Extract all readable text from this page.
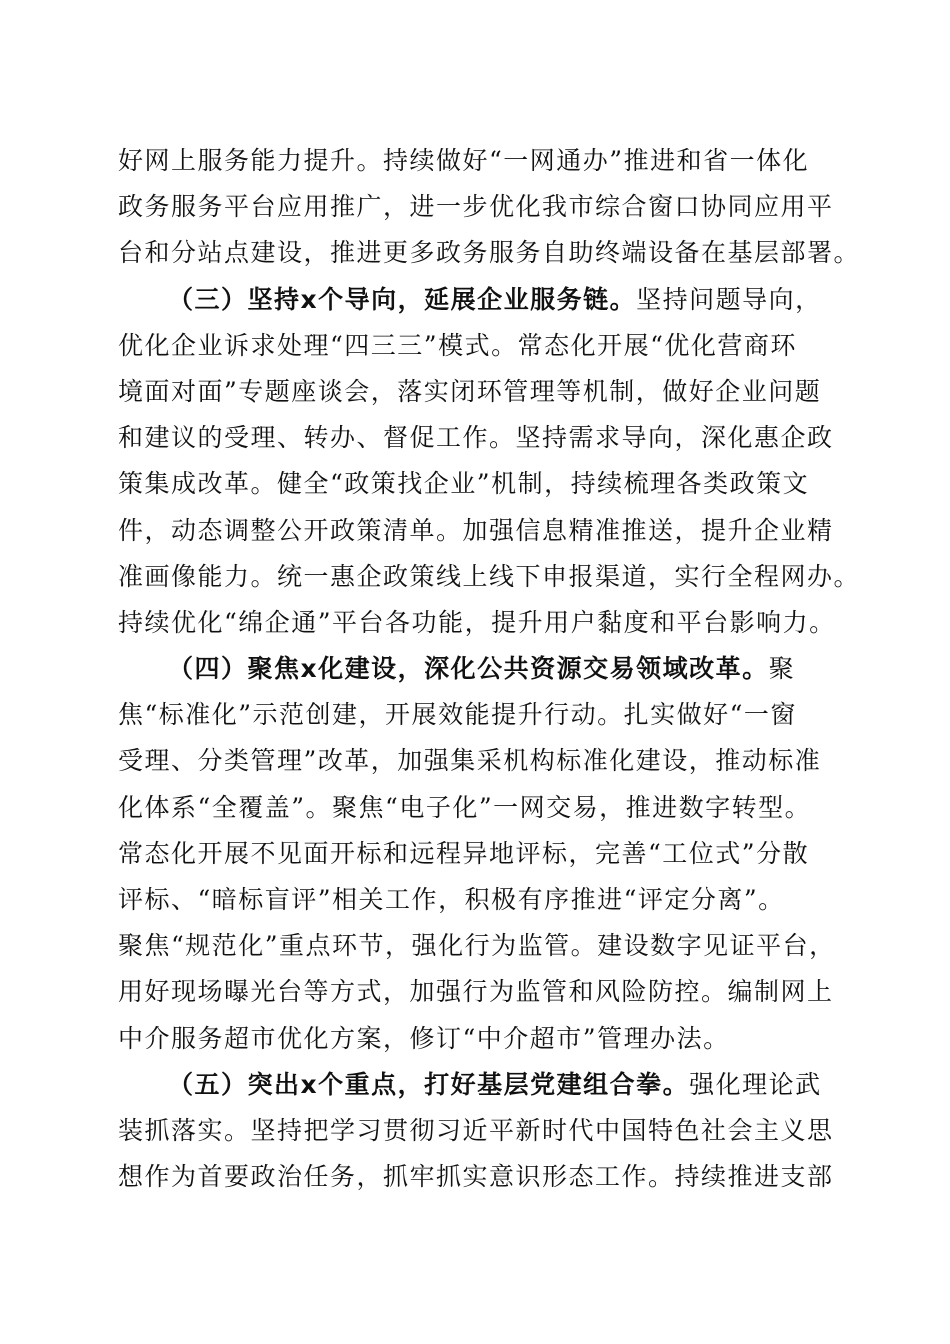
好网上服务能力提升。持续做好“一网通办”推进和省一体化
政务服务平台应用推广，进一步优化我市综合窗口协同应用平
台和分站点建设，推进更多政务服务自助终端设备在基层部署。
（三）坚持x个导向，延展企业服务链。坚持问题导向，
优化企业诉求处理“四三三”模式。常态化开展“优化营商环
境面对面”专题座谈会，落实闭环管理等机制，做好企业问题
和建议的受理、转办、督促工作。坚持需求导向，深化惠企政
策集成改革。健全“政策找企业”机制，持续梳理各类政策文
件，动态调整公开政策清单。加强信息精准推送，提升企业精
准画像能力。统一惠企政策线上线下申报渠道，实行全程网办。
持续优化“绵企通”平台各功能，提升用户黏度和平台影响力。
（四）聚焦x化建设，深化公共资源交易领域改革。聚
焦“标准化”示范创建，开展效能提升行动。扎实做好“一窗
受理、分类管理”改革，加强集采机构标准化建设，推动标准
化体系“全覆盖”。聚焦“电子化”一网交易，推进数字转型。
常态化开展不见面开标和远程异地评标，完善“工位式”分散
评标、“暗标盲评”相关工作，积极有序推进“评定分离”。
聚焦“规范化”重点环节，强化行为监管。建设数字见证平台，
用好现场曝光台等方式，加强行为监管和风险防控。编制网上
中介服务超市优化方案，修订“中介超市”管理办法。
（五）突出x个重点，打好基层党建组合拳。强化理论武
装抓落实。坚持把学习贯彻习近平新时代中国特色社会主义思
想作为首要政治任务，抓牢抓实意识形态工作。持续推进支部
